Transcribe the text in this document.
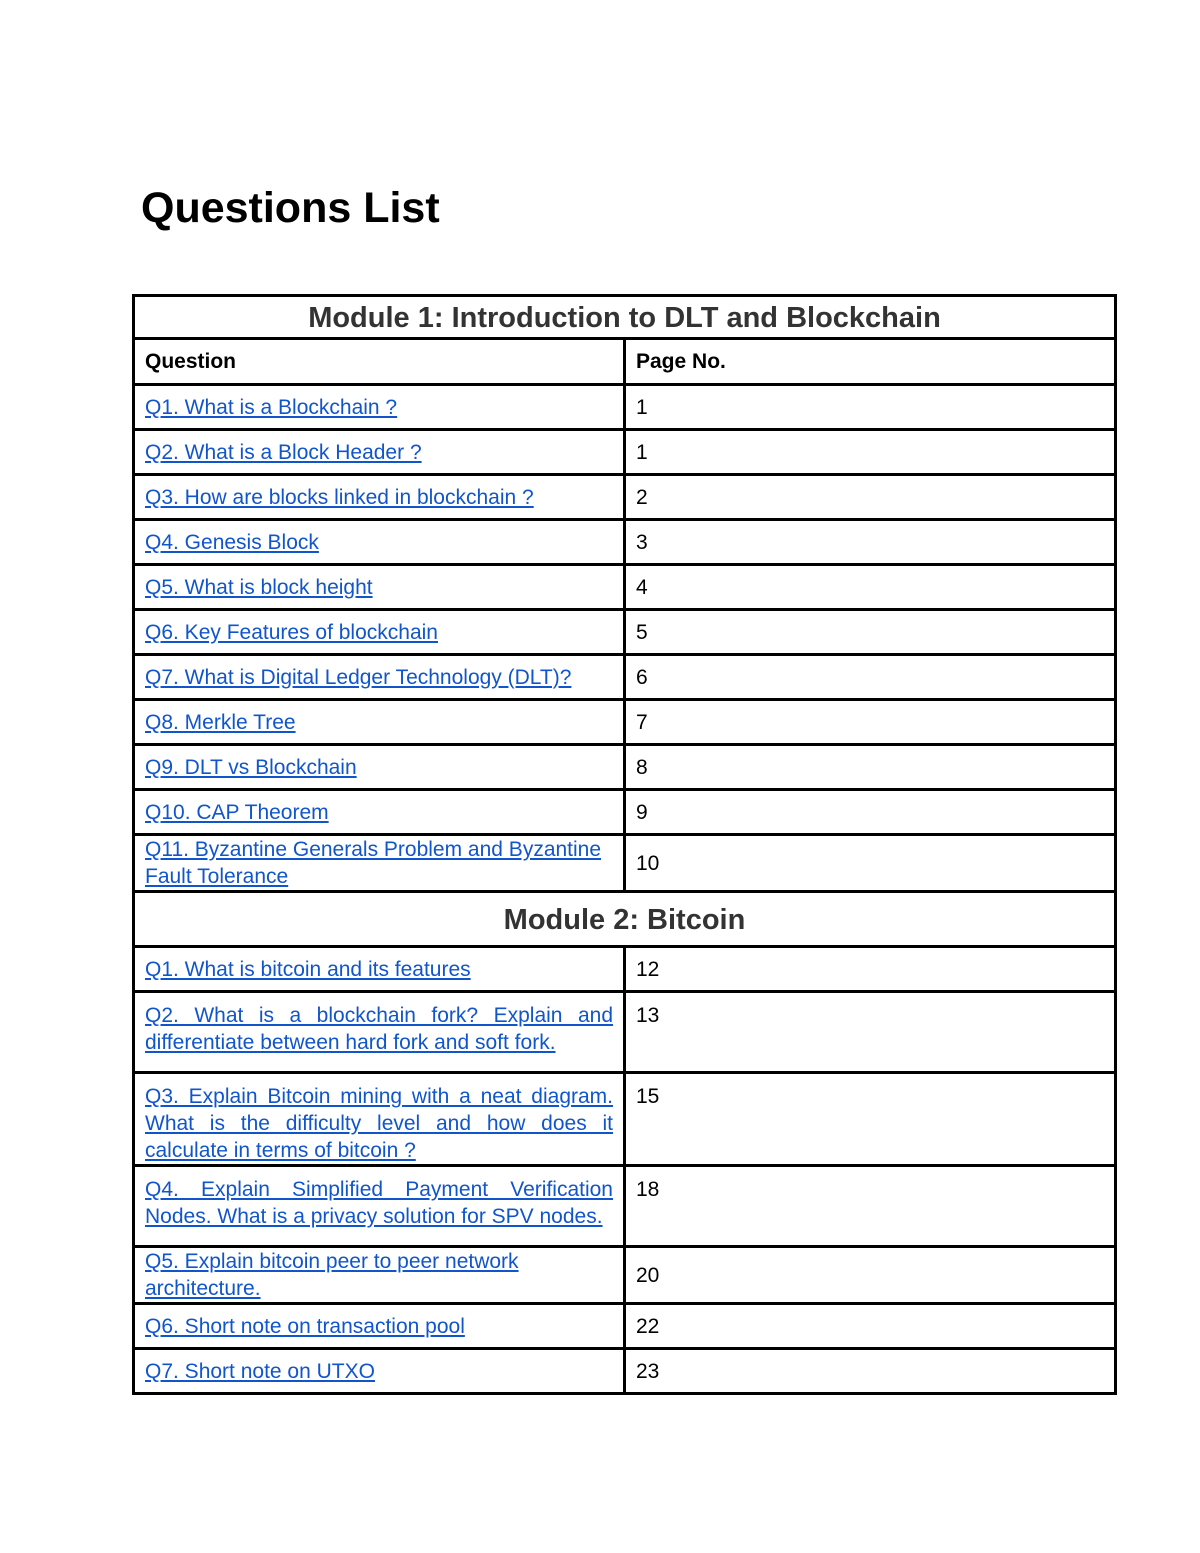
Questions List
Module 1: Introduction to DLT and Blockchain	
Question	Page No.
Q1. What is a Blockchain ?	1
Q2. What is a Block Header ?	1
Q3. How are blocks linked in blockchain ?	2
Q4. Genesis Block	3
Q5. What is block height	4
Q6. Key Features of blockchain	5
Q7. What is Digital Ledger Technology (DLT)?	6
Q8. Merkle Tree	7
Q9. DLT vs Blockchain	8
Q10. CAP Theorem	9
Q11. Byzantine Generals Problem and Byzantine Fault Tolerance	10
Module 2: Bitcoin	
Q1. What is bitcoin and its features	12
Q2. What is a blockchain fork? Explain and differentiate between hard fork and soft fork.	13
Q3. Explain Bitcoin mining with a neat diagram. What is the difficulty level and how does it calculate in terms of bitcoin ?	15
Q4. Explain Simplified Payment Verification Nodes. What is a privacy solution for SPV nodes.	18
Q5. Explain bitcoin peer to peer network architecture.	20
Q6. Short note on transaction pool	22
Q7. Short note on UTXO	23
